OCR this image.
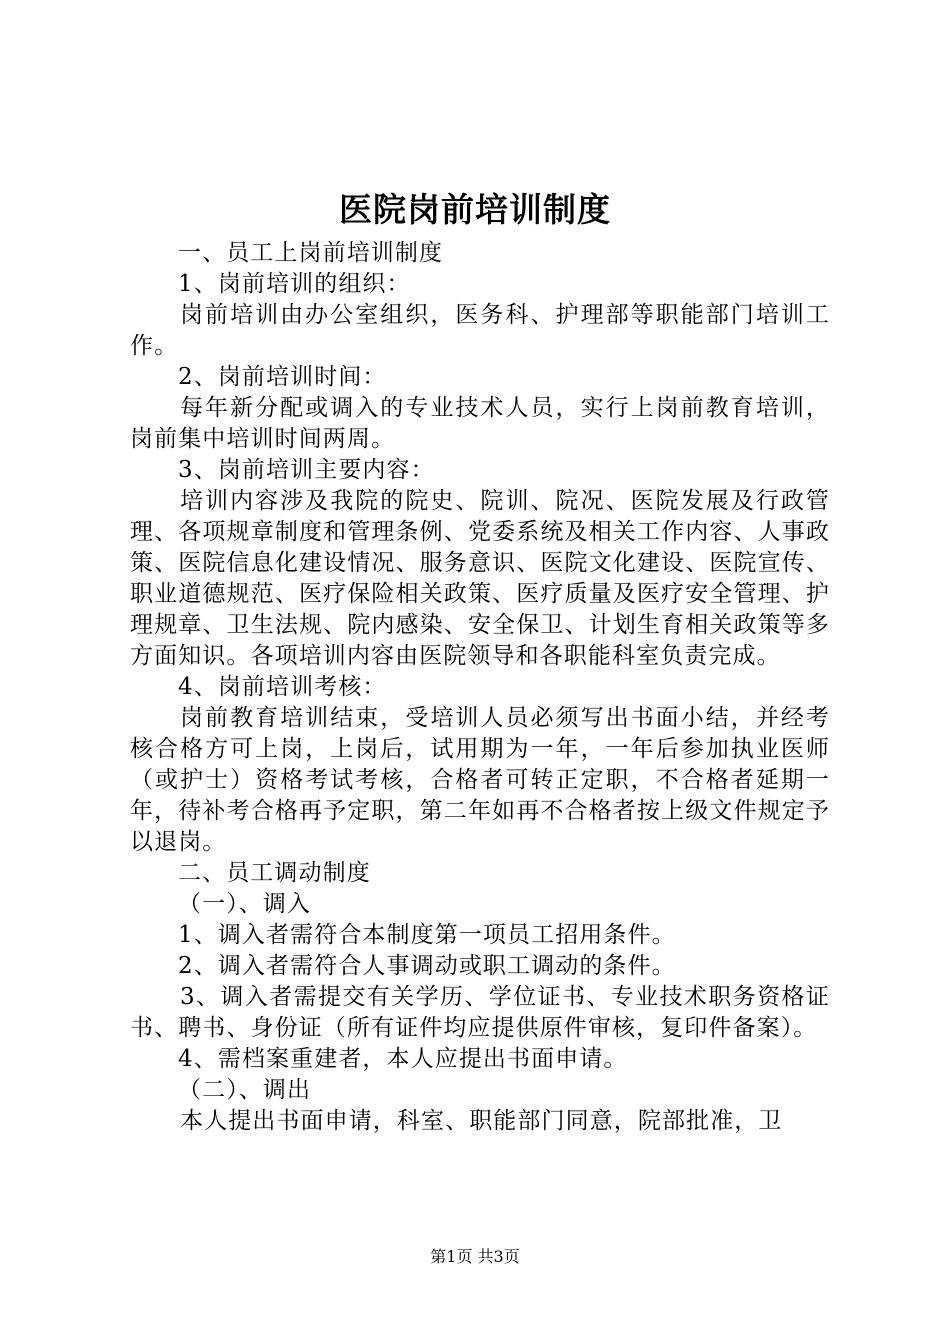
医院岗前培训制度

一、员工上岗前培训制度

1、岗前培训的组织：

岗前培训由办公室组织，医务科、护理部等职能部门培训工作。

2、岗前培训时间：

每年新分配或调入的专业技术人员，实行上岗前教育培训，岗前集中培训时间两周。

3、岗前培训主要内容：

培训内容涉及我院的院史、院训、院况、医院发展及行政管理、各项规章制度和管理条例、党委系统及相关工作内容、人事政策、医院信息化建设情况、服务意识、医院文化建设、医院宣传、职业道德规范、医疗保险相关政策、医疗质量及医疗安全管理、护理规章、卫生法规、院内感染、安全保卫、计划生育相关政策等多方面知识。各项培训内容由医院领导和各职能科室负责完成。

4、岗前培训考核：

岗前教育培训结束，受培训人员必须写出书面小结，并经考核合格方可上岗，上岗后，试用期为一年，一年后参加执业医师（或护士）资格考试考核，合格者可转正定职，不合格者延期一年，待补考合格再予定职，第二年如再不合格者按上级文件规定予以退岗。

二、员工调动制度

（一）、调入

1、调入者需符合本制度第一项员工招用条件。

2、调入者需符合人事调动或职工调动的条件。

3、调入者需提交有关学历、学位证书、专业技术职务资格证书、聘书、身份证（所有证件均应提供原件审核，复印件备案）。

4、需档案重建者，本人应提出书面申请。

（二）、调出

本人提出书面申请，科室、职能部门同意，院部批准，卫

第1页 共3页
